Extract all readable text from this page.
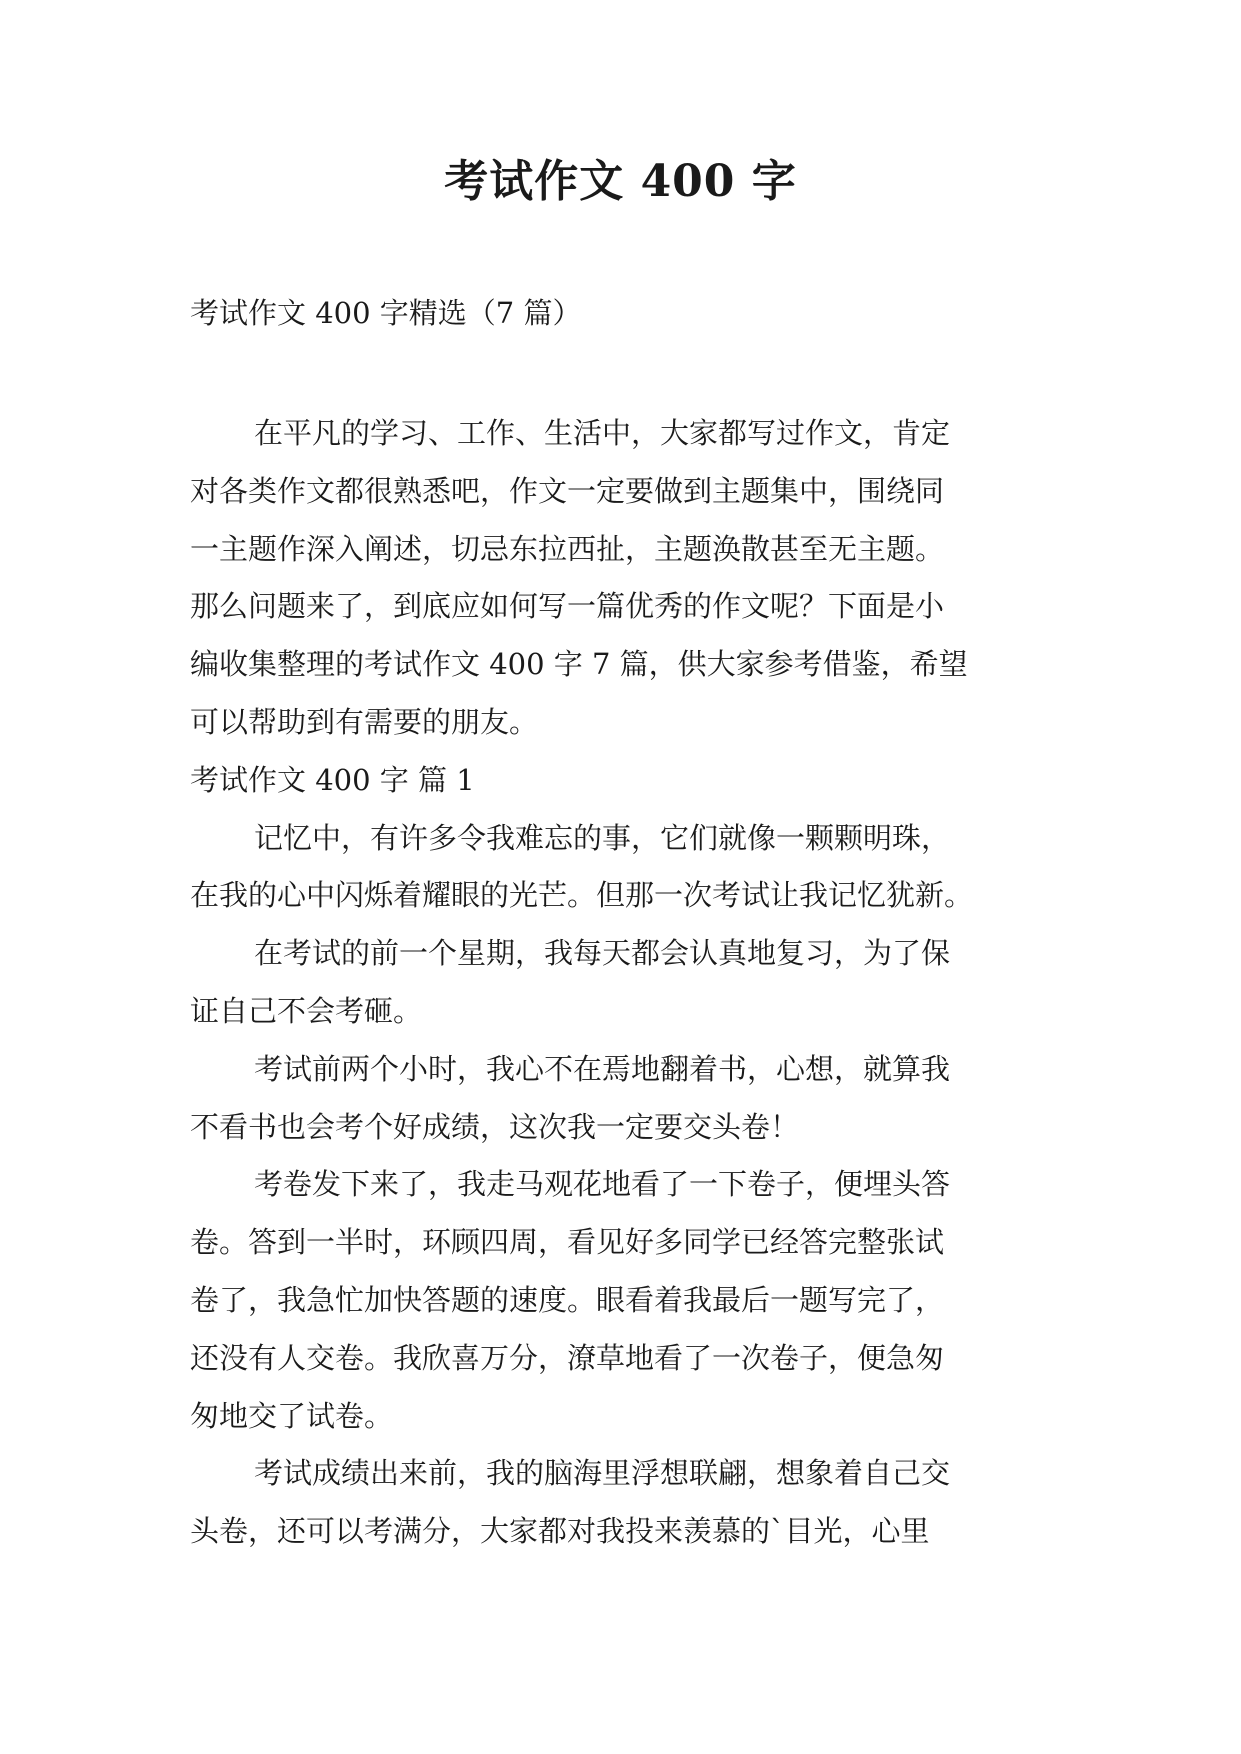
考试作文 400 字

考试作文 400 字精选（7 篇）

在平凡的学习、工作、生活中，大家都写过作文，肯定

对各类作文都很熟悉吧，作文一定要做到主题集中，围绕同

一主题作深入阐述，切忌东拉西扯，主题涣散甚至无主题。

那么问题来了，到底应如何写一篇优秀的作文呢？下面是小

编收集整理的考试作文 400 字 7 篇，供大家参考借鉴，希望

可以帮助到有需要的朋友。

考试作文 400 字 篇 1

记忆中，有许多令我难忘的事，它们就像一颗颗明珠，

在我的心中闪烁着耀眼的光芒。但那一次考试让我记忆犹新。

在考试的前一个星期，我每天都会认真地复习，为了保

证自己不会考砸。

考试前两个小时，我心不在焉地翻着书，心想，就算我

不看书也会考个好成绩，这次我一定要交头卷！

考卷发下来了，我走马观花地看了一下卷子，便埋头答

卷。答到一半时，环顾四周，看见好多同学已经答完整张试

卷了，我急忙加快答题的速度。眼看着我最后一题写完了，

还没有人交卷。我欣喜万分，潦草地看了一次卷子，便急匆

匆地交了试卷。

考试成绩出来前，我的脑海里浮想联翩，想象着自己交

头卷，还可以考满分，大家都对我投来羡慕的`目光，心里
